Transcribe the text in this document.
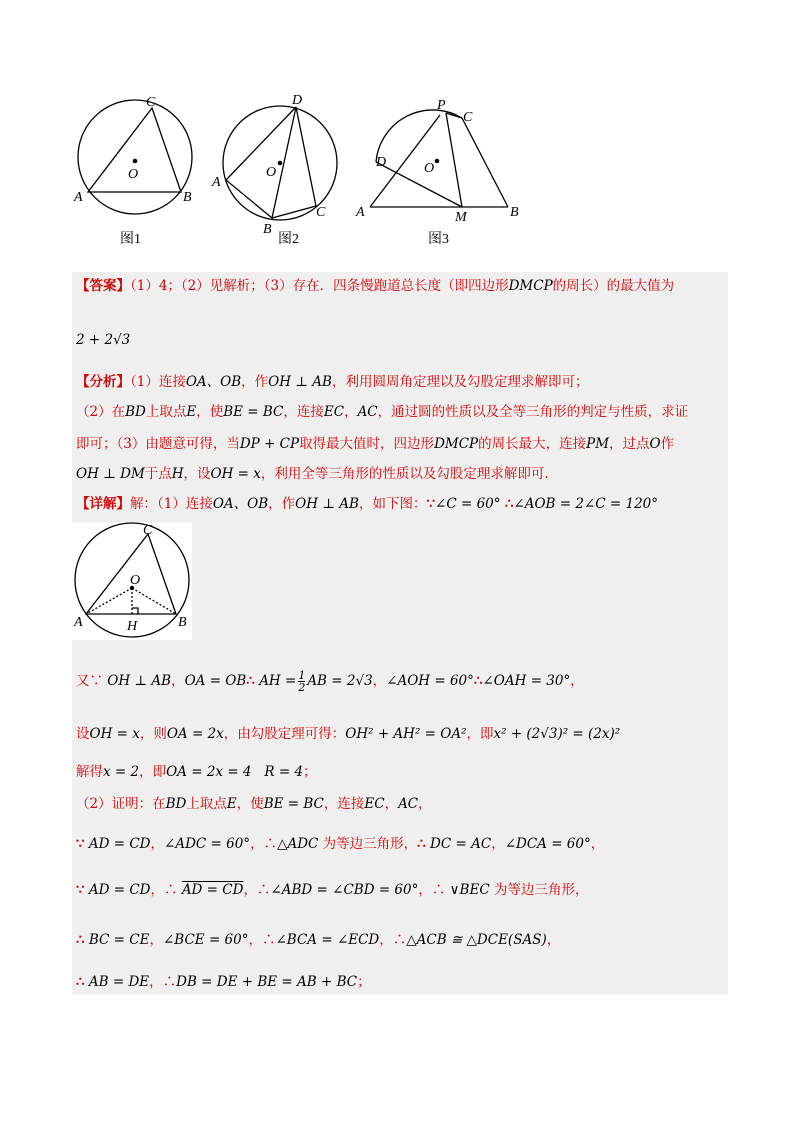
O
A	B
C
图1
O
A
B
C
D
图2
O
A	B
C
D
M
P
图3
【答案】（1）4；（2）见解析；（3）存在．四条慢跑道总长度（即四边形DMCP的周长）的最大值为
2 + 2√3
【分析】（1）连接OA、OB，作OH ⊥ AB，利用圆周角定理以及勾股定理求解即可；
（2）在BD上取点E，使BE = BC，连接EC，AC，通过圆的性质以及全等三角形的判定与性质，求证
即可；（3）由题意可得，当DP + CP取得最大值时，四边形DMCP的周长最大，连接PM，过点O作
OH ⊥ DM于点H，设OH = x，利用全等三角形的性质以及勾股定理求解即可.
【详解】解：（1）连接OA、OB，作OH ⊥ AB，如下图：∵∠C = 60° ∴∠AOB = 2∠C = 120°
O
A	B
C
H
又∵ OH ⊥ AB，OA = OB∴ AH = $\frac{1}{2}$ AB = 2√3，∠AOH = 60°∴∠OAH = 30°，
设OH = x，则OA = 2x，由勾股定理可得：OH² + AH² = OA²，即x² + (2√3)² = (2x)²
解得x = 2，即OA = 2x = 4 R = 4；
（2）证明：在BD上取点E，使BE = BC，连接EC，AC，
∵ AD = CD，∠ADC = 60°，∴△ADC 为等边三角形，∴ DC = AC，∠DCA = 60°，
∵ AD = CD，∴ AD = CD，∴∠ABD = ∠CBD = 60°，∴ ∨BEC 为等边三角形，
∴ BC = CE，∠BCE = 60°，∴∠BCA = ∠ECD，∴△ACB ≅ △DCE(SAS)，
∴ AB = DE，∴DB = DE + BE = AB + BC；
